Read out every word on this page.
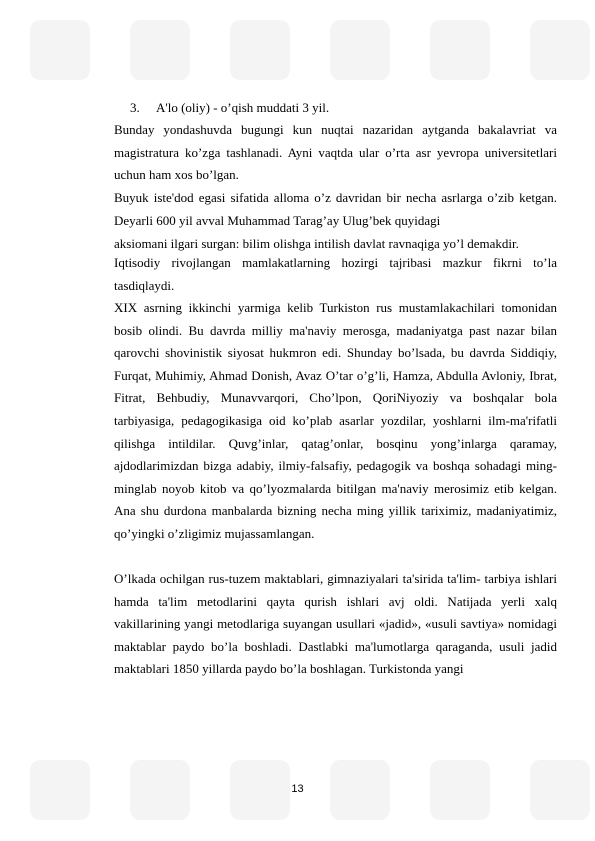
3. A'lo (oliy) - o’qish muddati 3 yil.
Bunday yondashuvda bugungi kun nuqtai nazaridan aytganda bakalavriat va magistratura ko’zga tashlanadi. Ayni vaqtda ular o’rta asr yevropa universitetlari uchun ham xos bo’lgan.
Buyuk iste'dod egasi sifatida alloma o’z davridan bir necha asrlarga o’zib ketgan. Deyarli 600 yil avval Muhammad Tarag’ay Ulug’bek quyidagi
aksiomani ilgari surgan: bilim olishga intilish davlat ravnaqiga yo’l demakdir.
Iqtisodiy rivojlangan mamlakatlarning hozirgi tajribasi mazkur fikrni to’la tasdiqlaydi.
XIX asrning ikkinchi yarmiga kelib Turkiston rus mustamlakachilari tomonidan bosib olindi. Bu davrda milliy ma'naviy merosga, madaniyatga past nazar bilan qarovchi shovinistik siyosat hukmron edi. Shunday bo’lsada, bu davrda Siddiqiy, Furqat, Muhimiy, Ahmad Donish, Avaz O’tar o’g’li, Hamza, Abdulla Avloniy, Ibrat, Fitrat, Behbudiy, Munavvarqori, Cho’lpon, QoriNiyoziy va boshqalar bola tarbiyasiga, pedagogikasiga oid ko’plab asarlar yozdilar, yoshlarni ilm-ma'rifatli qilishga intildilar. Quvg’inlar, qatag’onlar, bosqinu yong’inlarga qaramay, ajdodlarimizdan bizga adabiy, ilmiy-falsafiy, pedagogik va boshqa sohadagi ming-minglab noyob kitob va qo’lyozmalarda bitilgan ma'naviy merosimiz etib kelgan. Ana shu durdona manbalarda bizning necha ming yillik tariximiz, madaniyatimiz, qo’yingki o’zligimiz mujassamlangan.
O’lkada ochilgan rus-tuzem maktablari, gimnaziyalari ta'sirida ta'lim- tarbiya ishlari hamda ta'lim metodlarini qayta qurish ishlari avj oldi. Natijada yerli xalq vakillarining yangi metodlariga suyangan usullari «jadid», «usuli savtiya» nomidagi maktablar paydo bo’la boshladi. Dastlabki ma'lumotlarga qaraganda, usuli jadid maktablari 1850 yillarda paydo bo’la boshlagan. Turkistonda yangi
13
